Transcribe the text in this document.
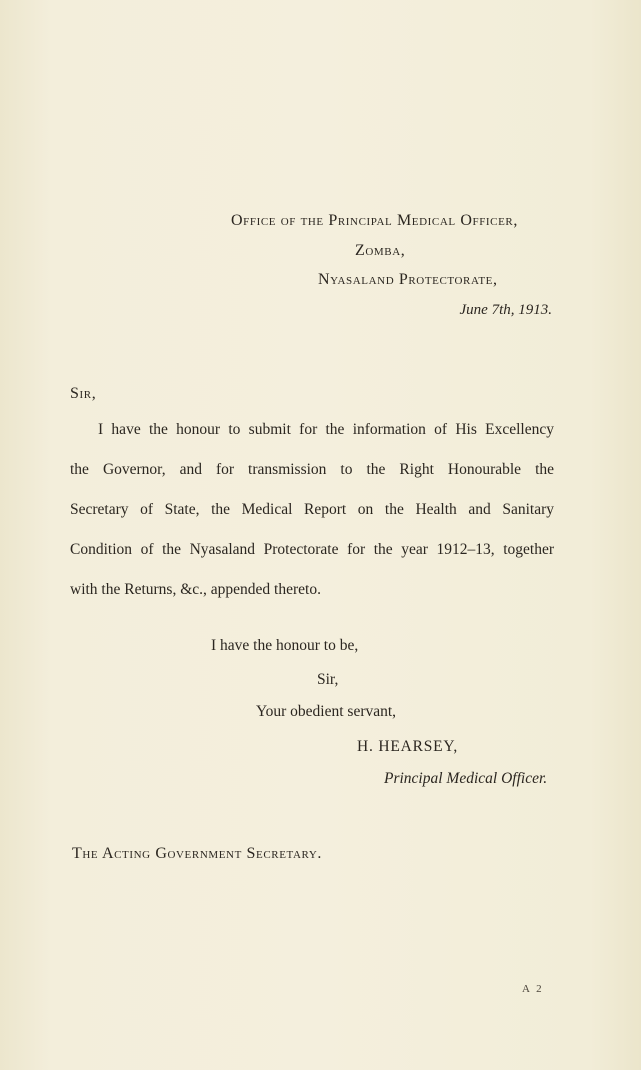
Office of the Principal Medical Officer,
Zomba,
Nyasaland Protectorate,
June 7th, 1913.
Sir,
I have the honour to submit for the information of His Excellency
the Governor, and for transmission to the Right Honourable the
Secretary of State, the Medical Report on the Health and Sanitary
Condition of the Nyasaland Protectorate for the year 1912–13, together
with the Returns, &c., appended thereto.
I have the honour to be,
Sir,
Your obedient servant,
H. HEARSEY,
Principal Medical Officer.
The Acting Government Secretary.
A 2
